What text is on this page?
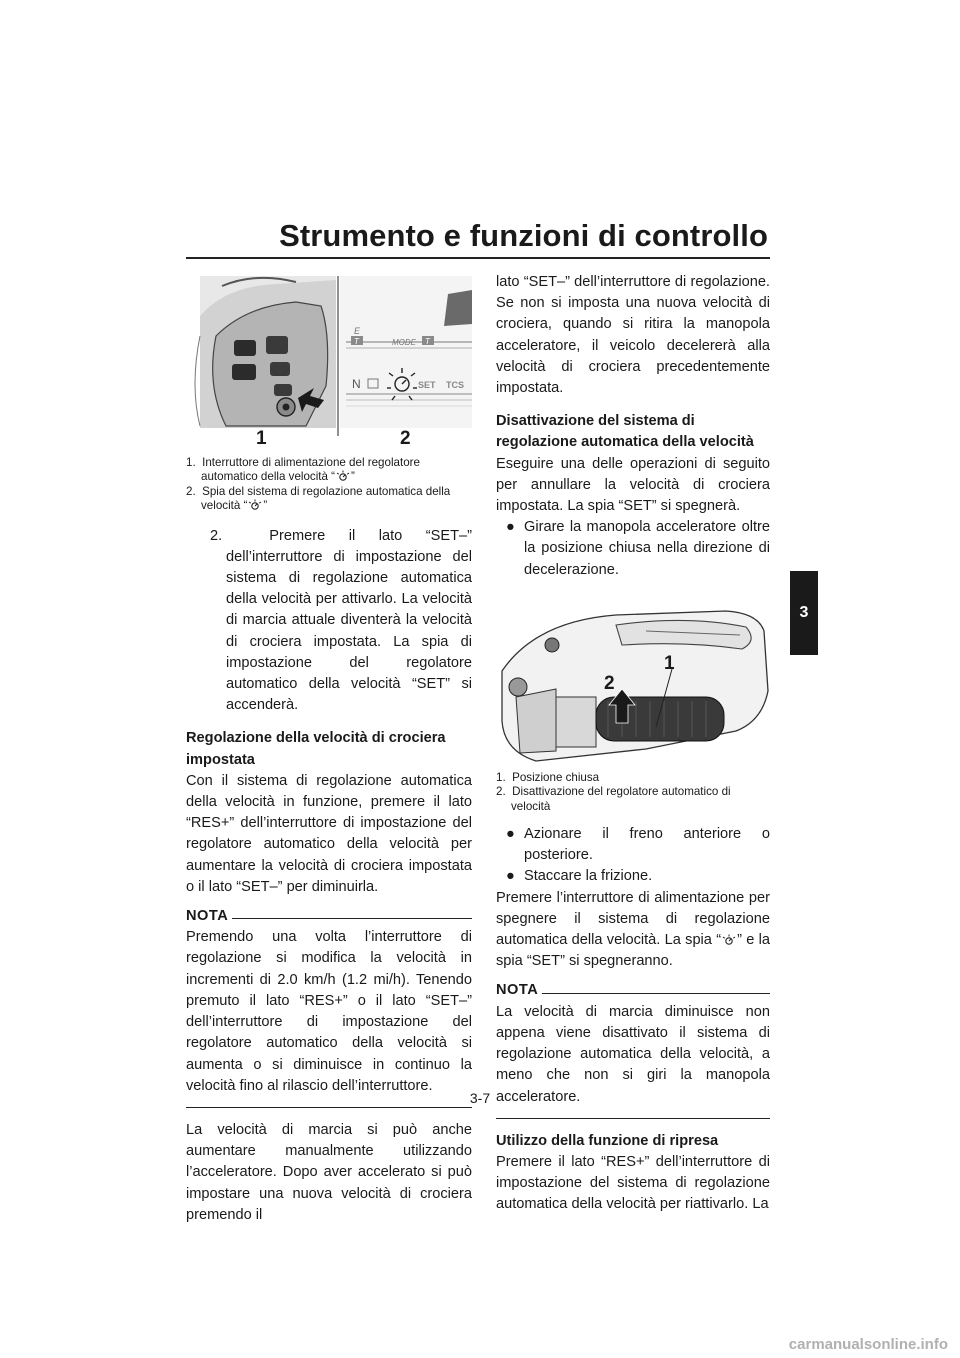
Strumento e funzioni di controllo
3
E
T	MODE T
N	SET TCS
1	2
1. Interruttore di alimentazione del regolatore automatico della velocità “ ”
2. Spia del sistema di regolazione automatica della velocità “ ”

2.	Premere il lato “SET–” dell’interruttore di impostazione del sistema di regolazione automatica della velocità per attivarlo. La velocità di marcia attuale diventerà la velocità di crociera impostata. La spia di impostazione del regolatore automatico della velocità “SET” si accenderà.

Regolazione della velocità di crociera impostata

Con il sistema di regolazione automatica della velocità in funzione, premere il lato “RES+” dell’interruttore di impostazione del regolatore automatico della velocità per aumentare la velocità di crociera impostata o il lato “SET–” per diminuirla.

NOTA

Premendo una volta l’interruttore di regolazione si modifica la velocità in incrementi di 2.0 km/h (1.2 mi/h). Tenendo premuto il lato “RES+” o il lato “SET–” dell’interruttore di impostazione del regolatore automatico della velocità si aumenta o si diminuisce in continuo la velocità fino al rilascio dell’interruttore.

La velocità di marcia si può anche aumentare manualmente utilizzando l’acceleratore. Dopo aver accelerato si può impostare una nuova velocità di crociera premendo il

lato “SET–” dell’interruttore di regolazione. Se non si imposta una nuova velocità di crociera, quando si ritira la manopola acceleratore, il veicolo decelererà alla velocità di crociera precedentemente impostata.

Disattivazione del sistema di regolazione automatica della velocità

Eseguire una delle operazioni di seguito per annullare la velocità di crociera impostata. La spia “SET” si spegnerà.

● Girare la manopola acceleratore oltre la posizione chiusa nella direzione di decelerazione.
2
1
1. Posizione chiusa
2. Disattivazione del regolatore automatico di velocità
● Azionare il freno anteriore o posteriore.
● Staccare la frizione.

Premere l’interruttore di alimentazione per spegnere il sistema di regolazione automatica della velocità. La spia “ ” e la spia “SET” si spegneranno.

NOTA

La velocità di marcia diminuisce non appena viene disattivato il sistema di regolazione automatica della velocità, a meno che non si giri la manopola acceleratore.

Utilizzo della funzione di ripresa

Premere il lato “RES+” dell’interruttore di impostazione del sistema di regolazione automatica della velocità per riattivarlo. La

3-7
carmanualsonline.info
